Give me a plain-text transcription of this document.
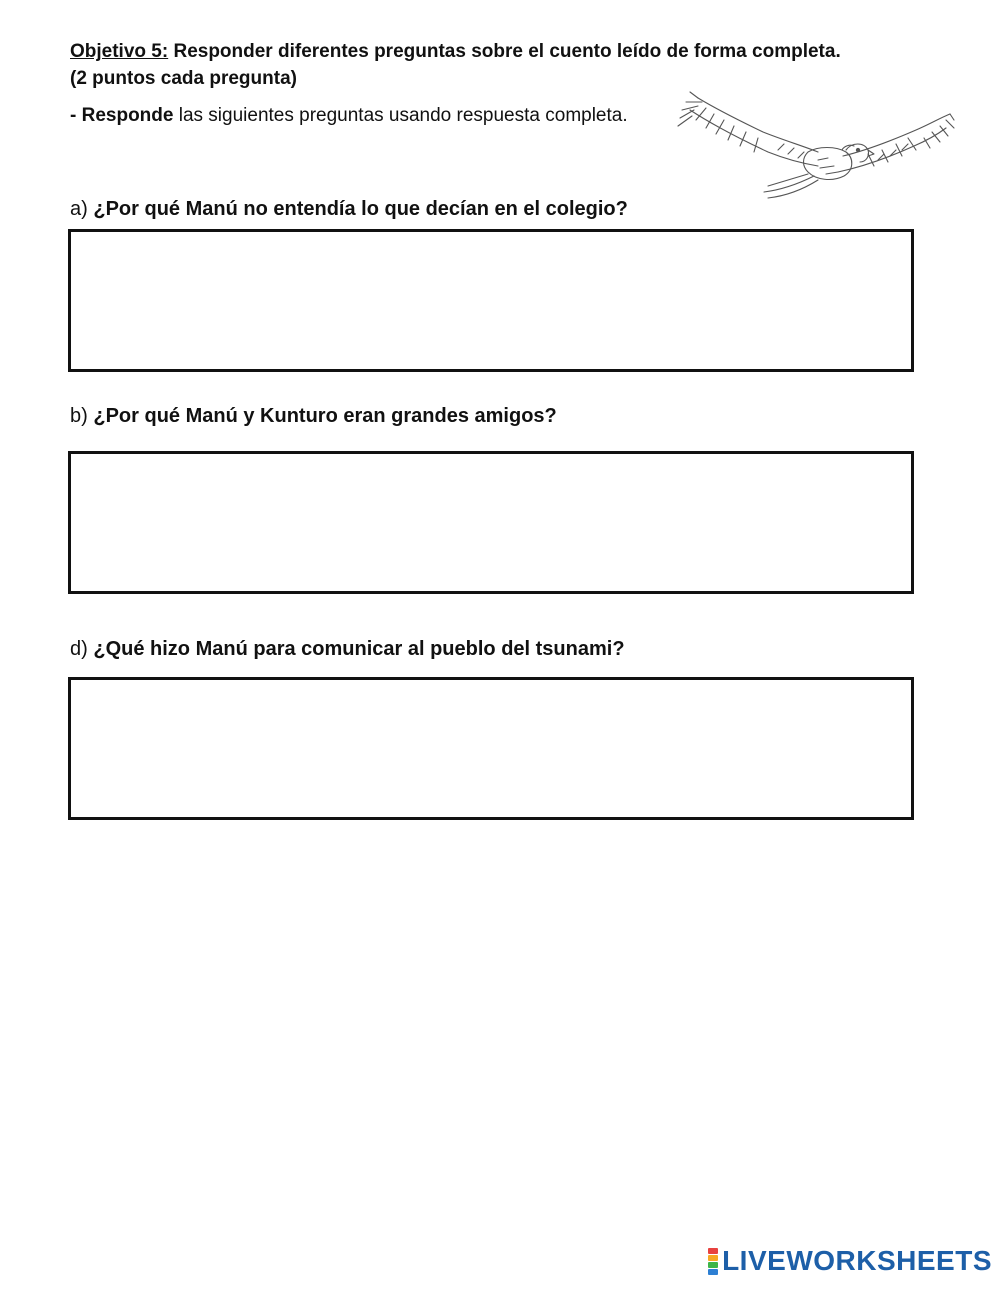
Objetivo 5: Responder diferentes preguntas sobre el cuento leído de forma completa.
(2 puntos cada pregunta)
- Responde las siguientes preguntas usando respuesta completa.
a) ¿Por qué Manú no entendía lo que decían en el colegio?
b) ¿Por qué Manú y Kunturo eran grandes amigos?
d) ¿Qué hizo Manú para comunicar al pueblo del tsunami?
LIVEWORKSHEETS
